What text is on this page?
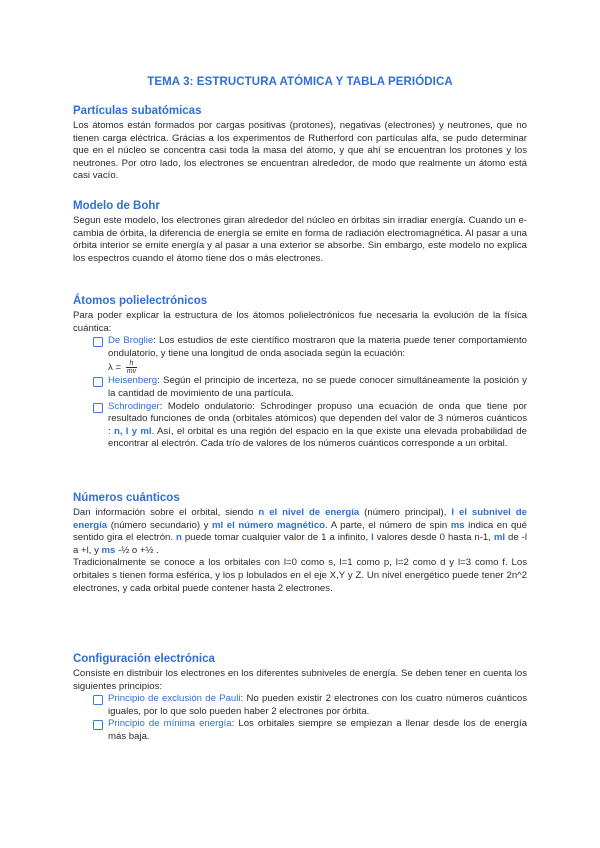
TEMA 3: ESTRUCTURA ATÓMICA Y TABLA PERIÓDICA
Partículas subatómicas

Los átomos están formados por cargas positivas (protones), negativas (electrones) y neutrones, que no tienen carga eléctrica. Grácias a los experimentos de Rutherford con partículas alfa, se pudo determinar que en el núcleo se concentra casi toda la masa del átomo, y que ahí se encuentran los protones y los neutrones. Por otro lado, los electrones se encuentran alrededor, de modo que realmente un átomo está casi vacío.

Modelo de Bohr

Segun este modelo, los electrones giran alrededor del núcleo en órbitas sin irradiar energía. Cuando un e- cambia de órbita, la diferencia de energía se emite en forma de radiación electromagnética. Al pasar a una órbita interior se emite energía y al pasar a una exterior se absorbe. Sin embargo, este modelo no explica los espectros cuando el átomo tiene dos o más electrones.

Átomos polielectrónicos

Para poder explicar la estructura de los átomos polielectrónicos fue necesaria la evolución de la física cuántica:

De Broglie: Los estudios de este científico mostraron que la materia puede tener comportamiento ondulatorio, y tiene una longitud de onda asociada según la ecuación:
$\lambda = \frac{h}{mv}$

Heisenberg: Según el principio de incerteza, no se puede conocer simultáneamente la posición y la cantidad de movimiento de una partícula.

Schrodinger: Modelo ondulatorio: Schrodinger propuso una ecuación de onda que tiene por resultado funciones de onda (orbitales atómicos) que dependen del valor de 3 números cuánticos : n, l y ml. Así, el orbital es una región del espacio en la que existe una elevada probabilidad de encontrar al electrón. Cada trío de valores de los números cuánticos corresponde a un orbital.

Números cuánticos

Dan información sobre el orbital, siendo n el nivel de energía (número principal), l el subnivel de energía (número secundario) y ml el número magnético. A parte, el número de spin ms indica en qué sentido gira el electrón. n puede tomar cualquier valor de 1 a infinito, l valores desde 0 hasta n-1, ml de -l a +l, y ms -½ o +½ .

Tradicionalmente se conoce a los orbitales con l=0 como s, l=1 como p, l=2 como d y l=3 como f. Los orbitales s tienen forma esférica, y los p lobulados en el eje X,Y y Z. Un nivel energético puede tener 2n^2 electrones, y cada orbital puede contener hasta 2 electrones.

Configuración electrónica

Consiste en distribuir los electrones en los diferentes subniveles de energía. Se deben tener en cuenta los siguientes principios:

Principio de exclusión de Pauli: No pueden existir 2 electrones con los cuatro números cuánticos iguales, por lo que solo pueden haber 2 electrones por órbita.

Principio de mínima energía: Los orbitales siempre se empiezan a llenar desde los de energía más baja.
